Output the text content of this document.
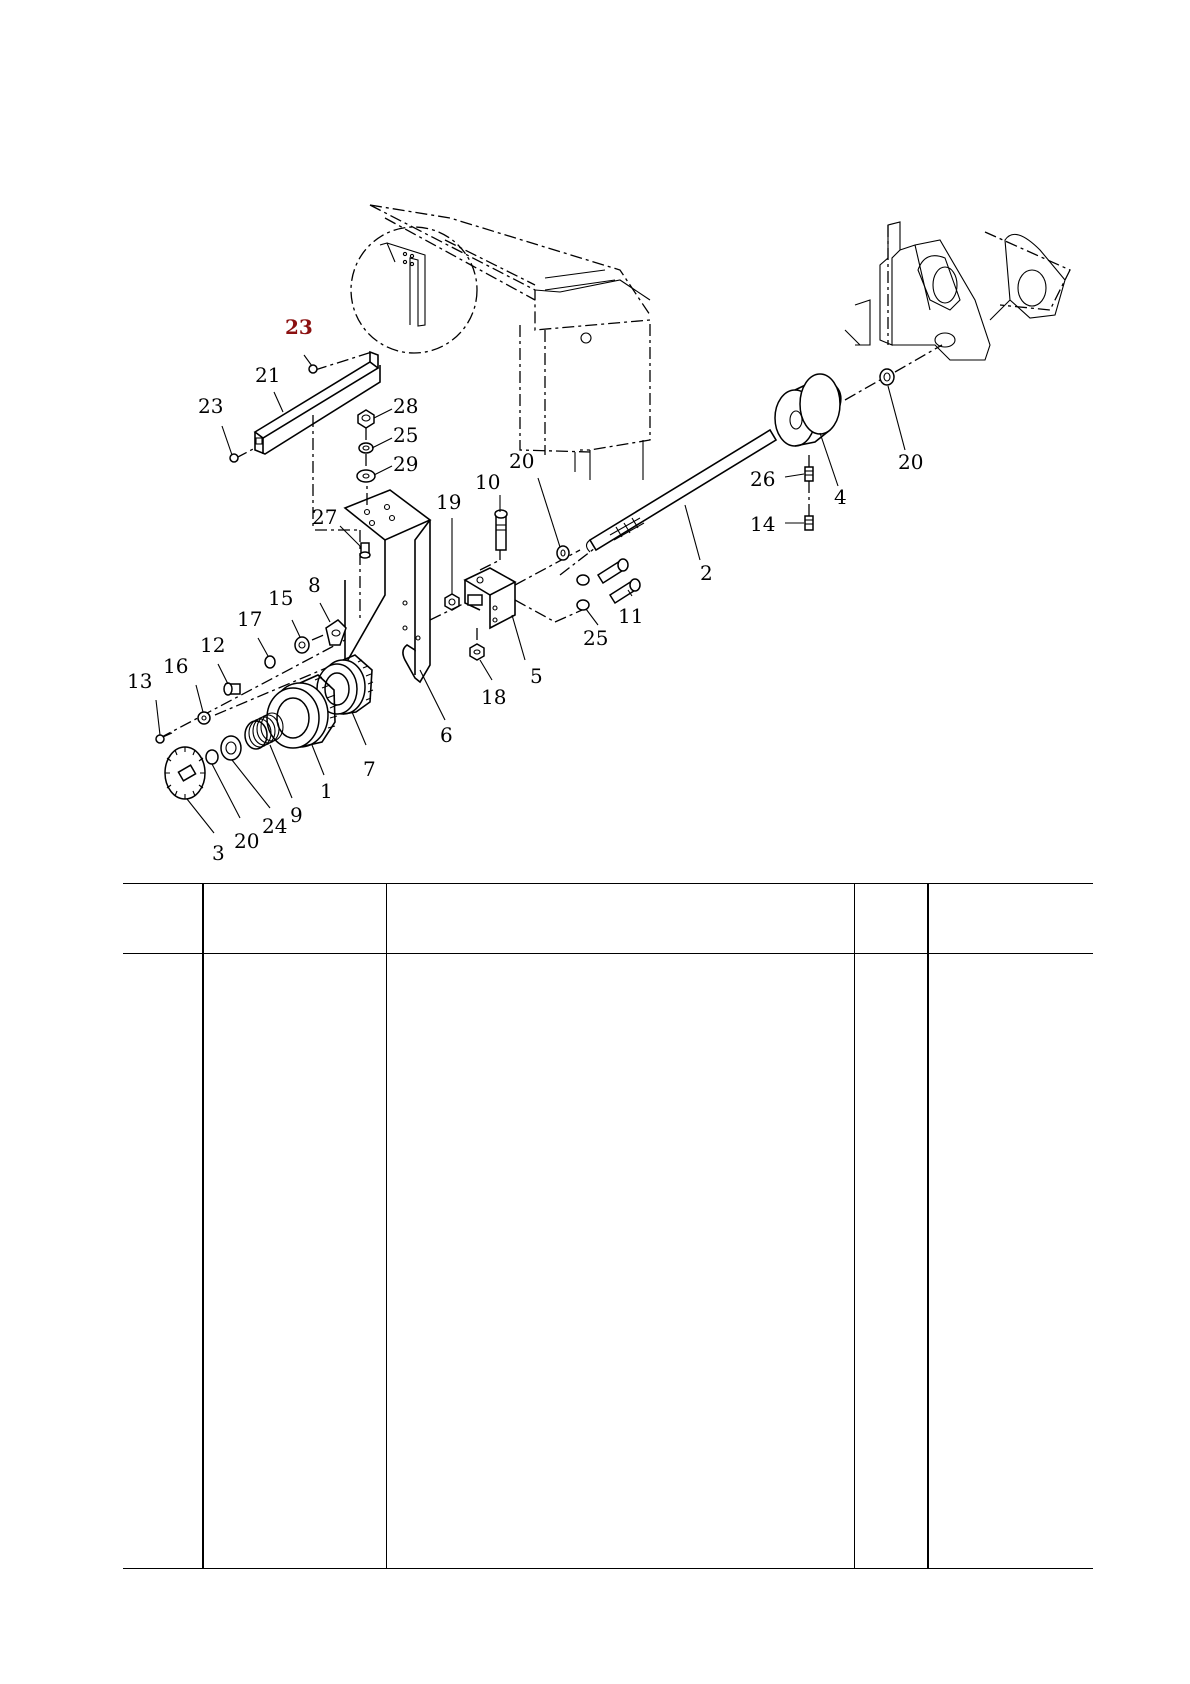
23
21
23	28
25
29
27
10
20
19
15
8
17
12
16
13
11
25
5
18
6
7
1
9
24
20
3
2
26
14
4
20
